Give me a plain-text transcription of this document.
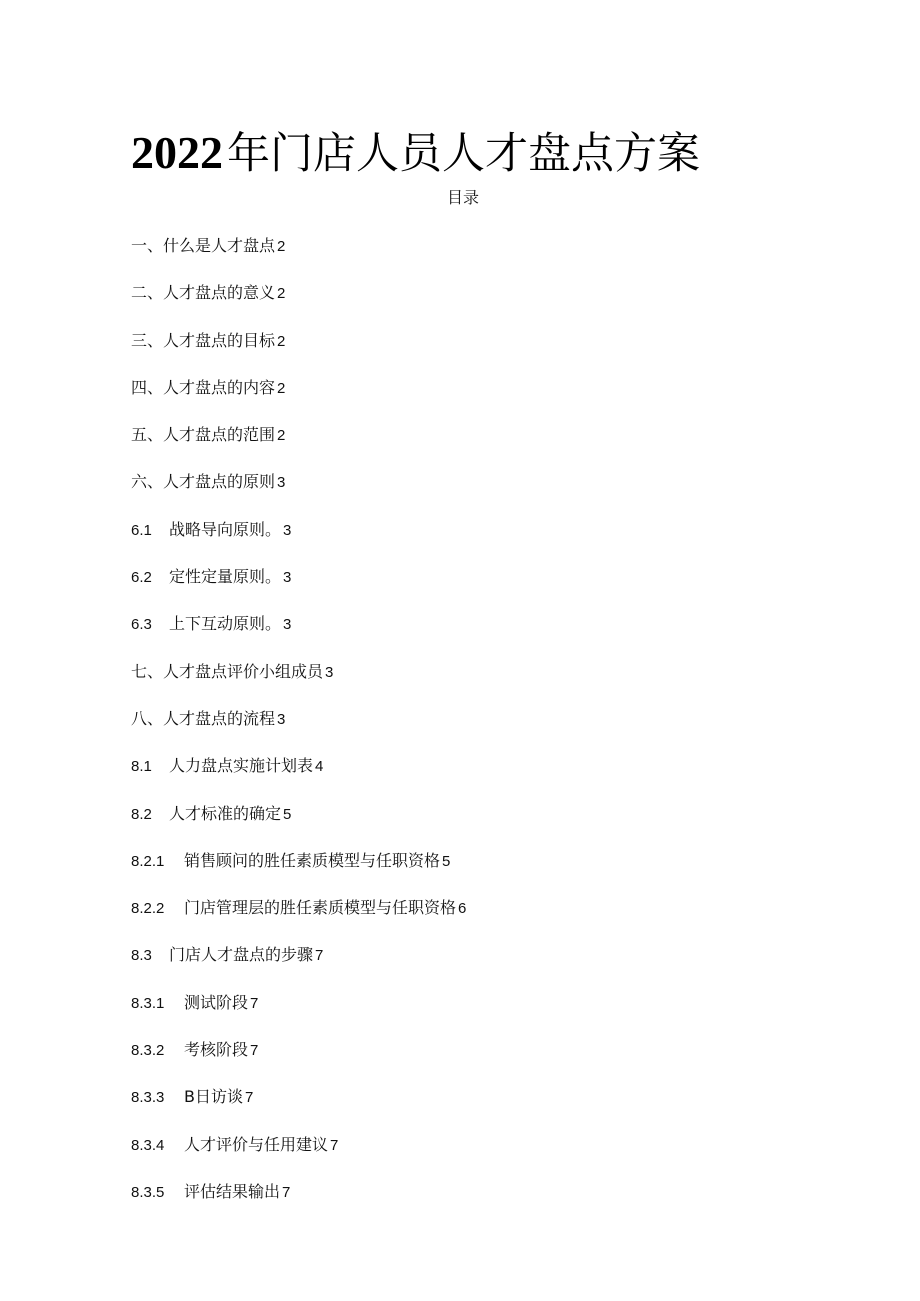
2022年门店人员人才盘点方案
目录
一、什么是人才盘点 2
二、人才盘点的意义 2
三、人才盘点的目标 2
四、人才盘点的内容 2
五、人才盘点的范围 2
六、人才盘点的原则 3
6.1 战略导向原则。 3
6.2 定性定量原则。 3
6.3 上下互动原则。 3
七、人才盘点评价小组成员 3
八、人才盘点的流程 3
8.1 人力盘点实施计划表 4
8.2 人才标准的确定 5
8.2.1 销售顾问的胜任素质模型与任职资格 5
8.2.2 门店管理层的胜任素质模型与任职资格 6
8.3 门店人才盘点的步骤 7
8.3.1 测试阶段 7
8.3.2 考核阶段 7
8.3.3 B日访谈 7
8.3.4 人才评价与任用建议 7
8.3.5 评估结果输出 7
